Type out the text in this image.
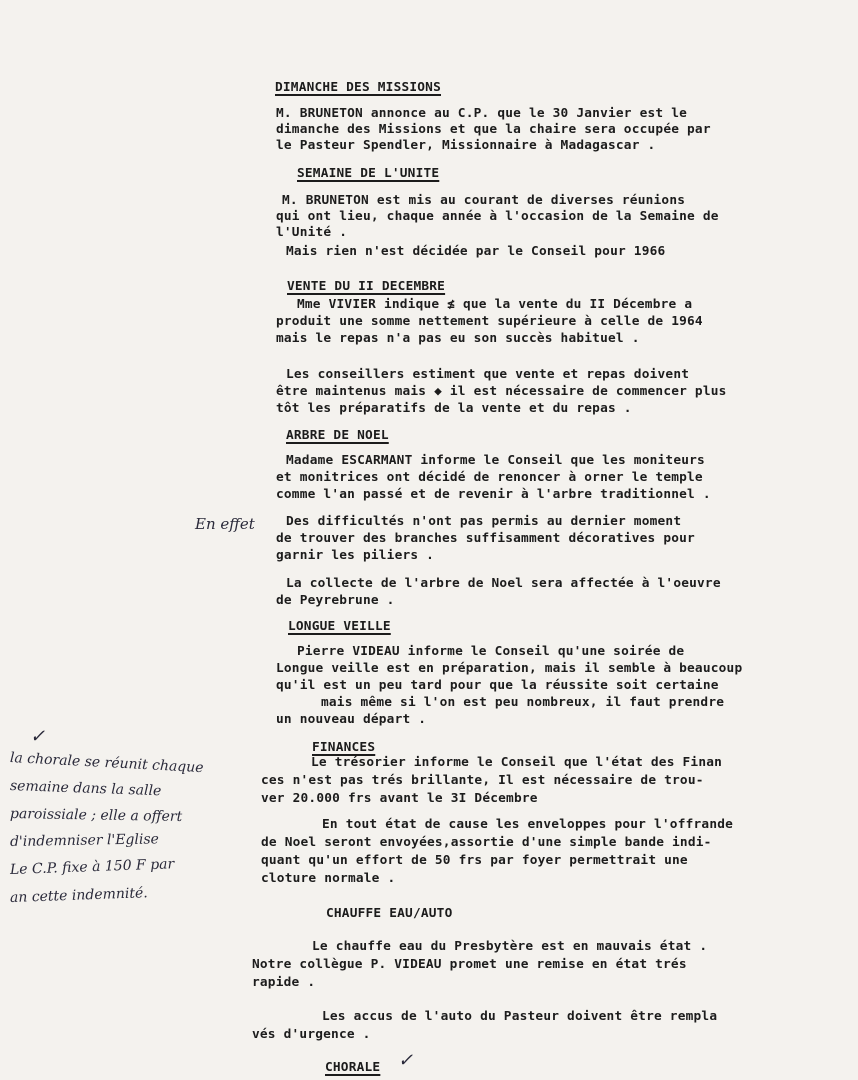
DIMANCHE DES MISSIONS
M. BRUNETON annonce au C.P. que le 30 Janvier est le
dimanche des Missions et que la chaire sera occupée par
le Pasteur Spendler, Missionnaire à Madagascar .
SEMAINE DE L'UNITE
M. BRUNETON est mis au courant de diverses réunions
qui ont lieu, chaque année à l'occasion de la Semaine de
l'Unité .
Mais rien n'est décidée par le Conseil pour 1966
VENTE DU II DECEMBRE
Mme VIVIER indique ≰ que la vente du II Décembre a
produit une somme nettement supérieure à celle de 1964
mais le repas n'a pas eu son succès habituel .
Les conseillers estiment que vente et repas doivent
être maintenus mais ◆ il est nécessaire de commencer plus
tôt les préparatifs de la vente et du repas .
ARBRE DE NOEL
Madame ESCARMANT informe le Conseil que les moniteurs
et monitrices ont décidé de renoncer à orner le temple
comme l'an passé et de revenir à l'arbre traditionnel .
Des difficultés n'ont pas permis au dernier moment
de trouver des branches suffisamment décoratives pour
garnir les piliers .
La collecte de l'arbre de Noel sera affectée à l'oeuvre
de Peyrebrune .
LONGUE VEILLE
Pierre VIDEAU informe le Conseil qu'une soirée de
Longue veille est en préparation, mais il semble à beaucoup
qu'il est un peu tard pour que la réussite soit certaine
mais même si l'on est peu nombreux, il faut prendre
un nouveau départ .
FINANCES
Le trésorier informe le Conseil que l'état des Finan
ces n'est pas trés brillante, Il est nécessaire de trou-
ver 20.000 frs avant le 3I Décembre
En tout état de cause les enveloppes pour l'offrande
de Noel seront envoyées,assortie d'une simple bande indi-
quant qu'un effort de 50 frs par foyer permettrait une
cloture normale .
CHAUFFE EAU/AUTO
Le chauffe eau du Presbytère est en mauvais état .
Notre collègue P. VIDEAU promet une remise en état trés
rapide .
Les accus de l'auto du Pasteur doivent être rempla
vés d'urgence .
CHORALE
En effet
✓
✓
la chorale se réunit chaque
semaine dans la salle
paroissiale ; elle a offert
d'indemniser l'Eglise
Le C.P. fixe à 150 F par
an cette indemnité.
